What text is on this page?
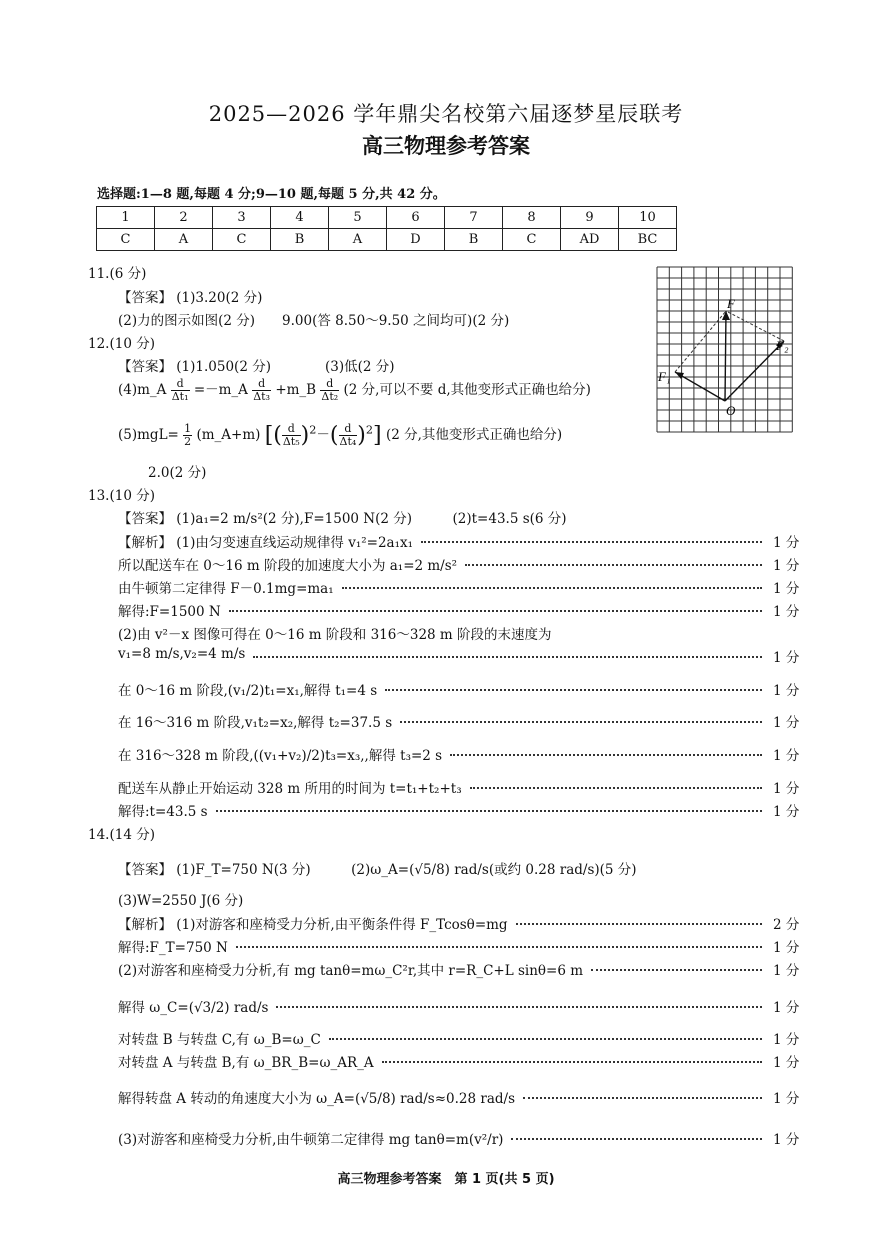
2025—2026 学年鼎尖名校第六届逐梦星辰联考
高三物理参考答案
选择题:1—8 题,每题 4 分;9—10 题,每题 5 分,共 42 分。
1	2	3	4	5	6	7	8	9	10
C	A	C	B	A	D	B	C	AD	BC
11.(6 分)
【答案】 (1)3.20(2 分)
(2)力的图示如图(2 分)　　9.00(答 8.50～9.50 之间均可)(2 分)
12.(10 分)
【答案】 (1)1.050(2 分)　　　　(3)低(2 分)
2.0(2 分)
13.(10 分)
【答案】 (1)a₁=2 m/s²(2 分),F=1500 N(2 分)　　　(2)t=43.5 s(6 分)
【解析】 (1)由匀变速直线运动规律得 v₁²=2a₁x₁	1 分
所以配送车在 0～16 m 阶段的加速度大小为 a₁=2 m/s²	1 分
由牛顿第二定律得 F－0.1mg=ma₁	1 分
解得:F=1500 N	1 分
(2)由 v²－x 图像可得在 0～16 m 阶段和 316～328 m 阶段的末速度为
v₁=8 m/s,v₂=4 m/s	1 分
在 0～16 m 阶段,(v₁/2)t₁=x₁,解得 t₁=4 s	1 分
在 16～316 m 阶段,v₁t₂=x₂,解得 t₂=37.5 s	1 分
在 316～328 m 阶段,((v₁+v₂)/2)t₃=x₃,,解得 t₃=2 s	1 分
配送车从静止开始运动 328 m 所用的时间为 t=t₁+t₂+t₃	1 分
解得:t=43.5 s	1 分
14.(14 分)
【答案】 (1)F_T=750 N(3 分)　　　(2)ω_A=(√5/8) rad/s(或约 0.28 rad/s)(5 分)
(3)W=2550 J(6 分)
【解析】 (1)对游客和座椅受力分析,由平衡条件得 F_Tcosθ=mg	2 分
解得:F_T=750 N	1 分
(2)对游客和座椅受力分析,有 mg tanθ=mω_C²r,其中 r=R_C+L sinθ=6 m	1 分
解得 ω_C=(√3/2) rad/s	1 分
对转盘 B 与转盘 C,有 ω_B=ω_C	1 分
对转盘 A 与转盘 B,有 ω_BR_B=ω_AR_A	1 分
解得转盘 A 转动的角速度大小为 ω_A=(√5/8) rad/s≈0.28 rad/s	1 分
(3)对游客和座椅受力分析,由牛顿第二定律得 mg tanθ=m(v²/r)	1 分
(4)m_A $\frac{d}{\text{Δt₁}}$ =－m_A $\frac{d}{\text{Δt₃}}$ +m_B $\frac{d}{\text{Δt₂}} (2$ 分,可以不要 d,其他变形式正确也给分)
$(5)mgL= \frac{1}{2}$ (m_A+m) [( $\frac{d}{\text{Δt₅}} )^2-( \frac{d}{\text{Δt₄}} )^2$] (2 分,其他变形式正确也给分)
F
F₂
F₁
O
高三物理参考答案　第 1 页(共 5 页)
